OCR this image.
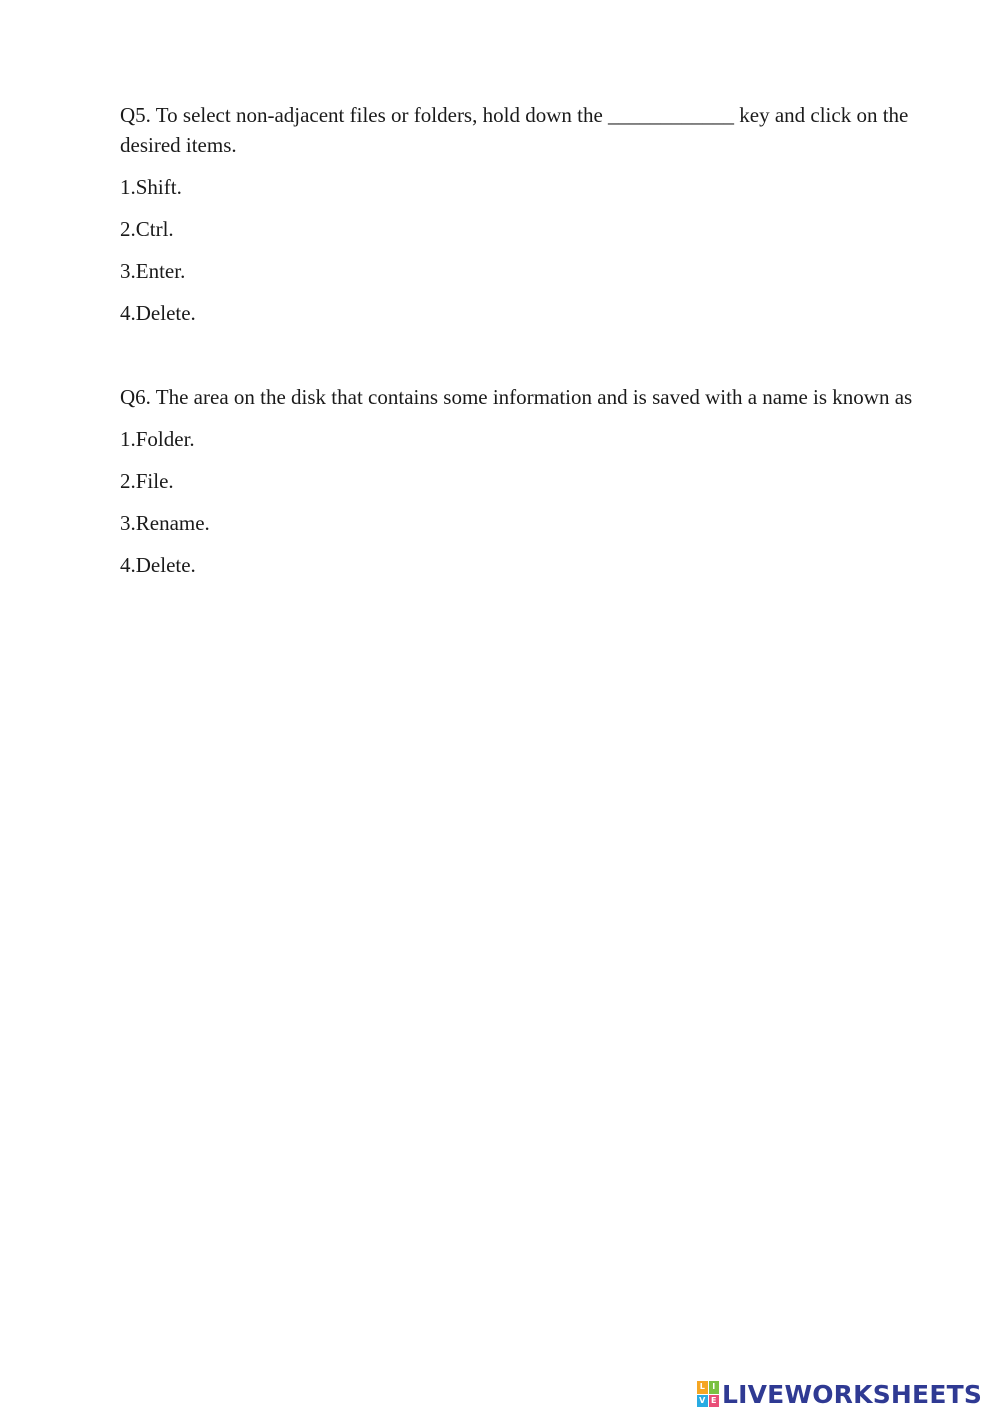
Q5. To select non-adjacent files or folders, hold down the ____________ key and click on the desired items.

1.Shift.
2.Ctrl.
3.Enter.
4.Delete.

Q6. The area on the disk that contains some information and is saved with a name is known as

1.Folder.
2.File.
3.Rename.
4.Delete.
L I
V E LIVEWORKSHEETS
